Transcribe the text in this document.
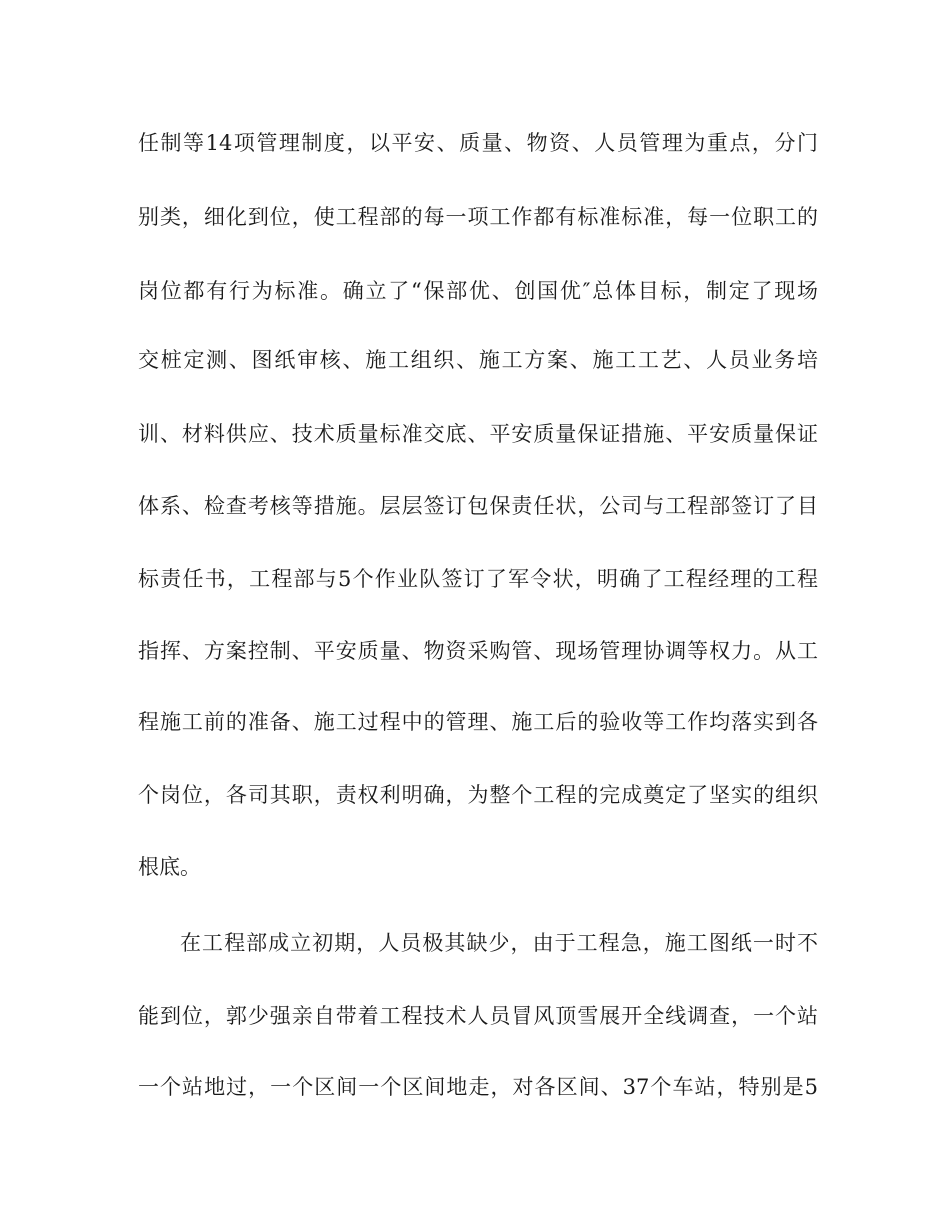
任制等14项管理制度，以平安、质量、物资、人员管理为重点，分门
别类，细化到位，使工程部的每一项工作都有标准标准，每一位职工的
岗位都有行为标准。确立了“保部优、创国优″总体目标，制定了现场
交桩定测、图纸审核、施工组织、施工方案、施工工艺、人员业务培
训、材料供应、技术质量标准交底、平安质量保证措施、平安质量保证
体系、检查考核等措施。层层签订包保责任状，公司与工程部签订了目
标责任书，工程部与5个作业队签订了军令状，明确了工程经理的工程
指挥、方案控制、平安质量、物资采购管、现场管理协调等权力。从工
程施工前的准备、施工过程中的管理、施工后的验收等工作均落实到各
个岗位，各司其职，责权利明确，为整个工程的完成奠定了坚实的组织
根底。
在工程部成立初期，人员极其缺少，由于工程急，施工图纸一时不
能到位，郭少强亲自带着工程技术人员冒风顶雪展开全线调查，一个站
一个站地过，一个区间一个区间地走，对各区间、37个车站，特别是5
